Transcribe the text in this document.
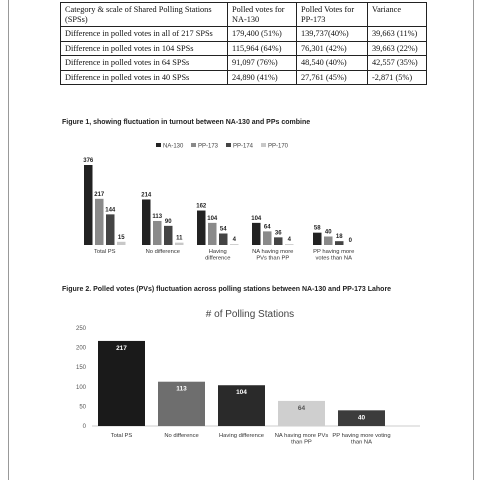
Category & scale of Shared Polling Stations (SPSs)	Polled votes for NA-130	Polled Votes for PP-173	Variance
Difference in polled votes in all of 217 SPSs	179,400 (51%)	139,737(40%)	39,663 (11%)
Difference in polled votes in 104 SPSs	115,964 (64%)	76,301 (42%)	39,663 (22%)
Difference in polled votes in 64 SPSs	91,097 (76%)	48,540 (40%)	42,557 (35%)
Difference in polled votes in 40 SPSs	24,890 (41%)	27,761 (45%)	-2,871 (5%)
Figure 1, showing fluctuation in turnout between NA-130 and PPs combine
NA-130 PP-173 PP-174 PP-170
376
217
144
15
Total PS
214
113
90
11
No difference
162
104
54
4
Having difference
104
64
36
4
NA having more PVs than PP
58
40
18
0
PP having more votes than NA
Figure 2. Polled votes (PVs) fluctuation across polling stations between NA-130 and PP-173 Lahore
# of Polling Stations
0
50
100
150
200
250
217
Total PS
113
No difference
104
Having difference
64
NA having more PVs than PP
40
PP having more voting than NA
